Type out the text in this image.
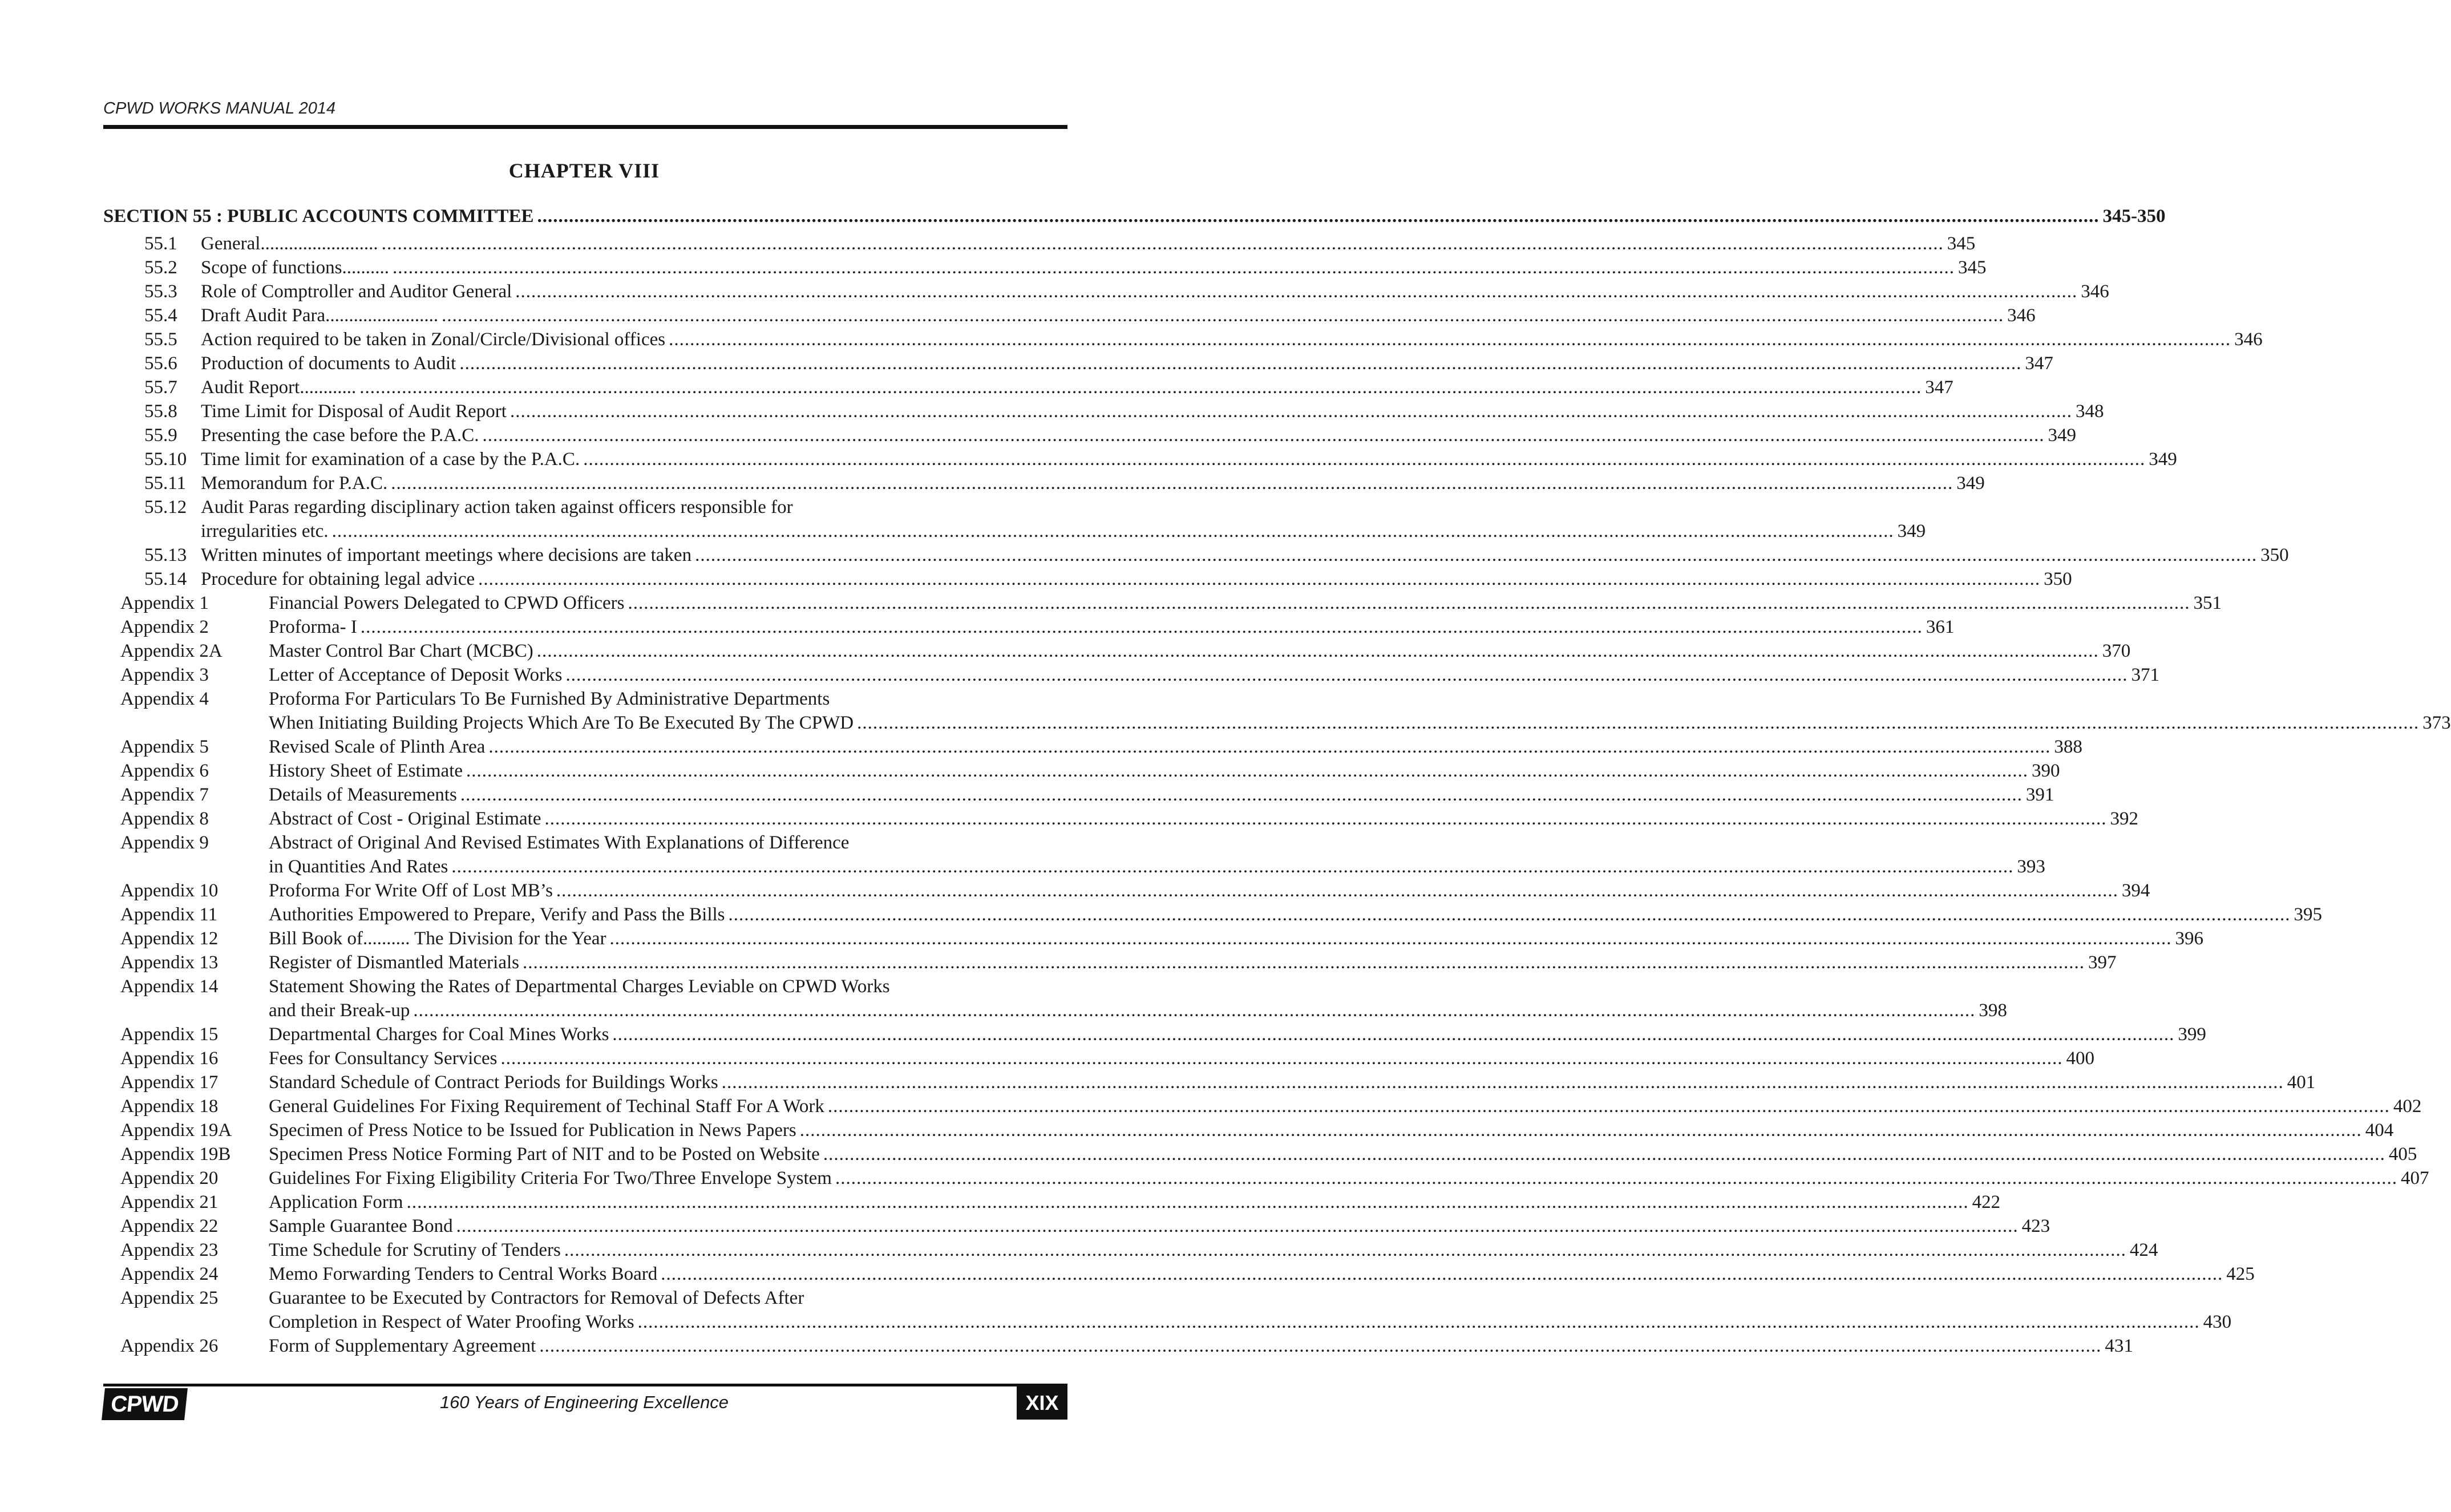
CPWD WORKS MANUAL 2014
CHAPTER VIII
SECTION 55 : PUBLIC ACCOUNTS COMMITTEE .....	345-350
55.1	General......................... .....	345
55.2	Scope of functions.......... .....	345
55.3	Role of Comptroller and Auditor General .....	346
55.4	Draft Audit Para........................ .....	346
55.5	Action required to be taken in Zonal/Circle/Divisional offices .....	346
55.6	Production of documents to Audit .....	347
55.7	Audit Report............ .....	347
55.8	Time Limit for Disposal of Audit Report .....	348
55.9	Presenting the case before the P.A.C. .....	349
55.10 Time limit for examination of a case by the P.A.C. .....	349
55.11 Memorandum for P.A.C. .....	349
55.12 Audit Paras regarding disciplinary action taken against officers responsible for
irregularities etc. .....	349
55.13 Written minutes of important meetings where decisions are taken .....	350
55.14 Procedure for obtaining legal advice .....	350
Appendix 1	Financial Powers Delegated to CPWD Officers .....	351
Appendix 2	Proforma- I .....	361
Appendix 2A	Master Control Bar Chart (MCBC) .....	370
Appendix 3	Letter of Acceptance of Deposit Works .....	371
Appendix 4	Proforma For Particulars To Be Furnished By Administrative Departments
When Initiating Building Projects Which Are To Be Executed By The CPWD .....	373
Appendix 5	Revised Scale of Plinth Area .....	388
Appendix 6	History Sheet of Estimate .....	390
Appendix 7	Details of Measurements .....	391
Appendix 8	Abstract of Cost - Original Estimate .....	392
Appendix 9	Abstract of Original And Revised Estimates With Explanations of Difference
in Quantities And Rates .....	393
Appendix 10	Proforma For Write Off of Lost MB’s .....	394
Appendix 11	Authorities Empowered to Prepare, Verify and Pass the Bills .....	395
Appendix 12	Bill Book of.......... The Division for the Year .....	396
Appendix 13	Register of Dismantled Materials .....	397
Appendix 14	Statement Showing the Rates of Departmental Charges Leviable on CPWD Works
and their Break-up .....	398
Appendix 15	Departmental Charges for Coal Mines Works .....	399
Appendix 16	Fees for Consultancy Services .....	400
Appendix 17	Standard Schedule of Contract Periods for Buildings Works .....	401
Appendix 18	General Guidelines For Fixing Requirement of Techinal Staff For A Work .....	402
Appendix 19A	Specimen of Press Notice to be Issued for Publication in News Papers .....	404
Appendix 19B	Specimen Press Notice Forming Part of NIT and to be Posted on Website .....	405
Appendix 20	Guidelines For Fixing Eligibility Criteria For Two/Three Envelope System .....	407
Appendix 21	Application Form .....	422
Appendix 22	Sample Guarantee Bond .....	423
Appendix 23	Time Schedule for Scrutiny of Tenders .....	424
Appendix 24	Memo Forwarding Tenders to Central Works Board .....	425
Appendix 25	Guarantee to be Executed by Contractors for Removal of Defects After
Completion in Respect of Water Proofing Works .....	430
Appendix 26	Form of Supplementary Agreement .....	431
CPWD	160 Years of Engineering Excellence	XIX
